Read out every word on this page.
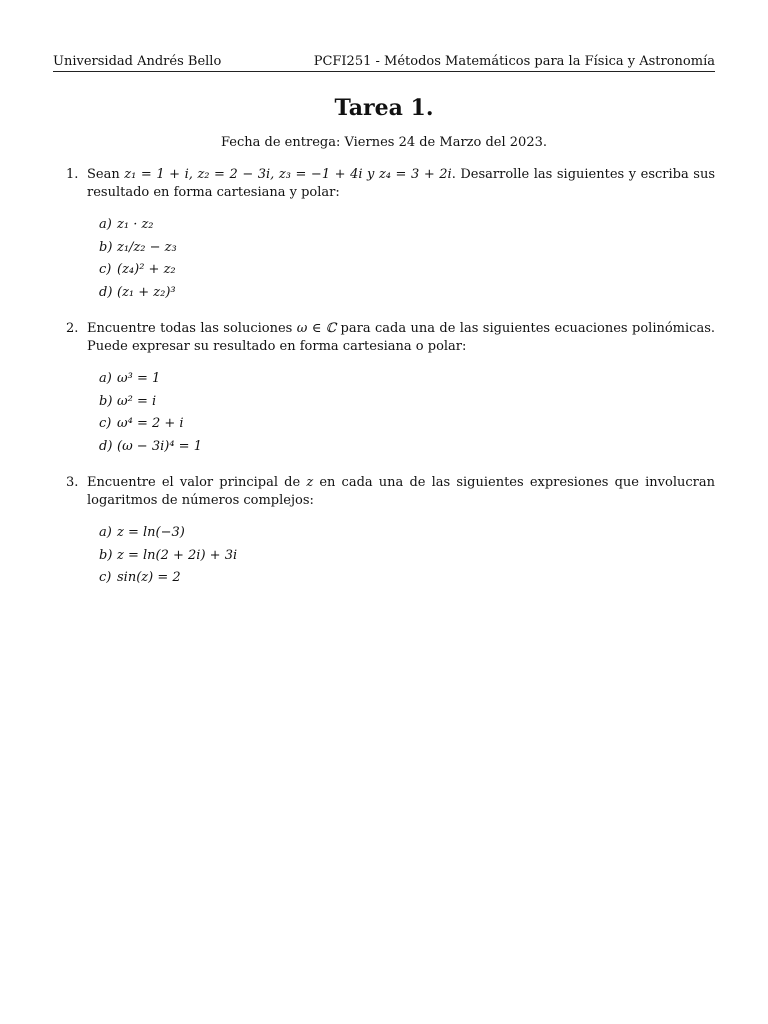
Universidad Andrés Bello	PCFI251 - Métodos Matemáticos para la Física y Astronomía
Tarea 1.
Fecha de entrega: Viernes 24 de Marzo del 2023.
1. Sean z₁ = 1 + i, z₂ = 2 − 3i, z₃ = −1 + 4i y z₄ = 3 + 2i. Desarrolle las siguientes y escriba sus resultado en forma cartesiana y polar:
a) z₁ · z₂
b) z₁/z₂ − z₃
c) (z₄)² + z₂
d) (z₁ + z₂)³
2. Encuentre todas las soluciones ω ∈ ℂ para cada una de las siguientes ecuaciones polinómicas. Puede expresar su resultado en forma cartesiana o polar:
a) ω³ = 1
b) ω² = i
c) ω⁴ = 2 + i
d) (ω − 3i)⁴ = 1
3. Encuentre el valor principal de z en cada una de las siguientes expresiones que involucran logaritmos de números complejos:
a) z = ln(−3)
b) z = ln(2 + 2i) + 3i
c) sin(z) = 2
